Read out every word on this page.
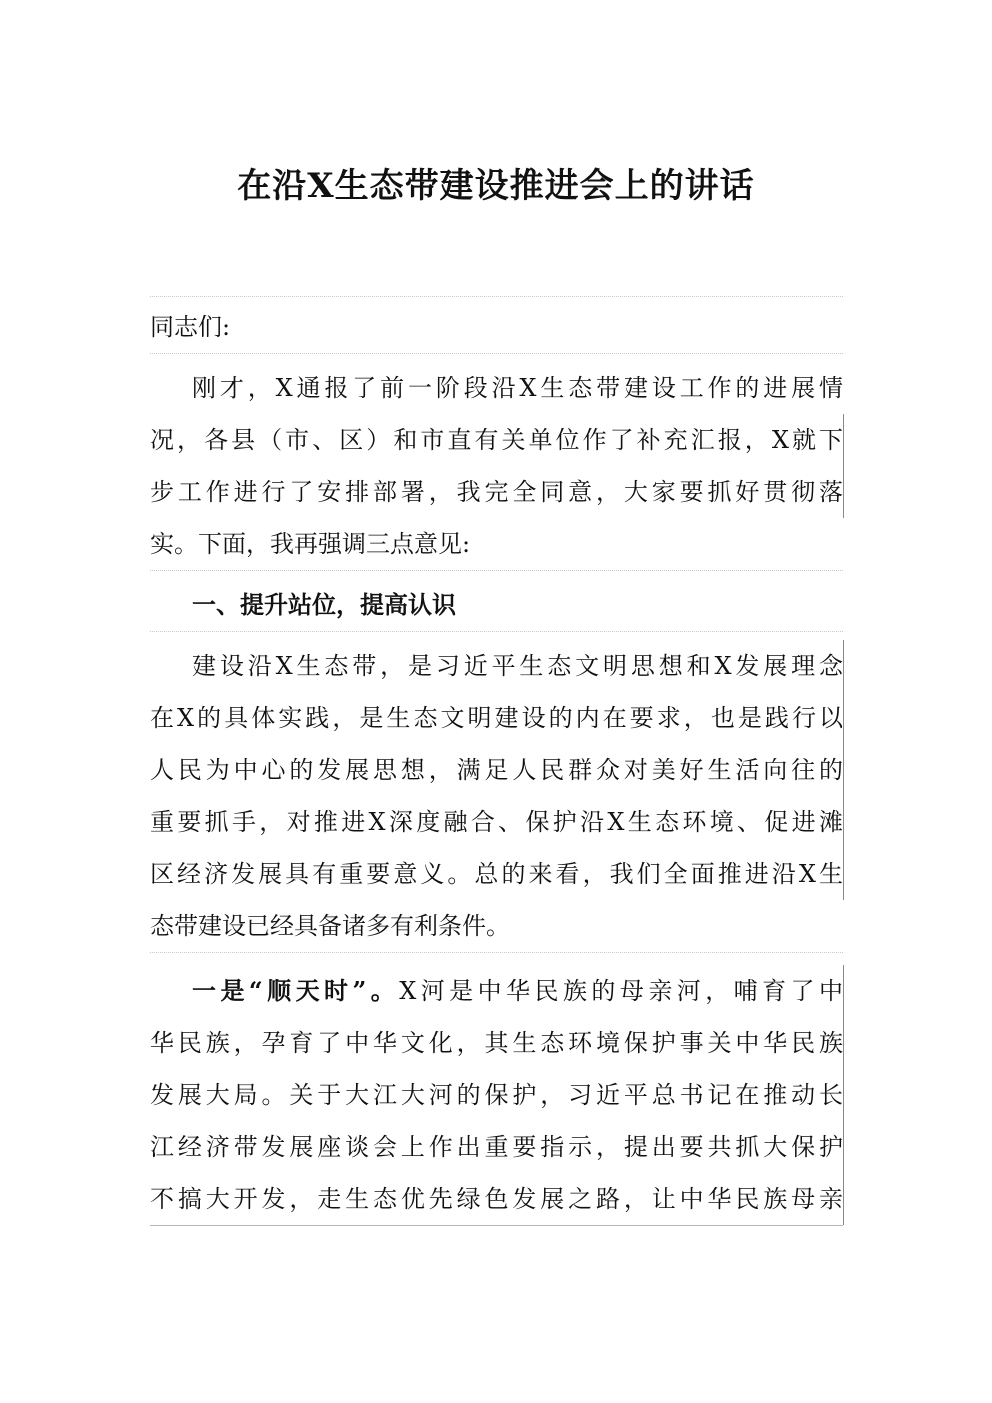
在沿X生态带建设推进会上的讲话
同志们:
刚才，X通报了前一阶段沿X生态带建设工作的进展情
况，各县（市、区）和市直有关单位作了补充汇报，X就下
步工作进行了安排部署，我完全同意，大家要抓好贯彻落
实。下面，我再强调三点意见:
一、提升站位，提高认识
建设沿X生态带，是习近平生态文明思想和X发展理念
在X的具体实践，是生态文明建设的内在要求，也是践行以
人民为中心的发展思想，满足人民群众对美好生活向往的
重要抓手，对推进X深度融合、保护沿X生态环境、促进滩
区经济发展具有重要意义。总的来看，我们全面推进沿X生
态带建设已经具备诸多有利条件。
一是“顺天时”。X河是中华民族的母亲河，哺育了中
华民族，孕育了中华文化，其生态环境保护事关中华民族
发展大局。关于大江大河的保护，习近平总书记在推动长
江经济带发展座谈会上作出重要指示，提出要共抓大保护
不搞大开发，走生态优先绿色发展之路，让中华民族母亲
